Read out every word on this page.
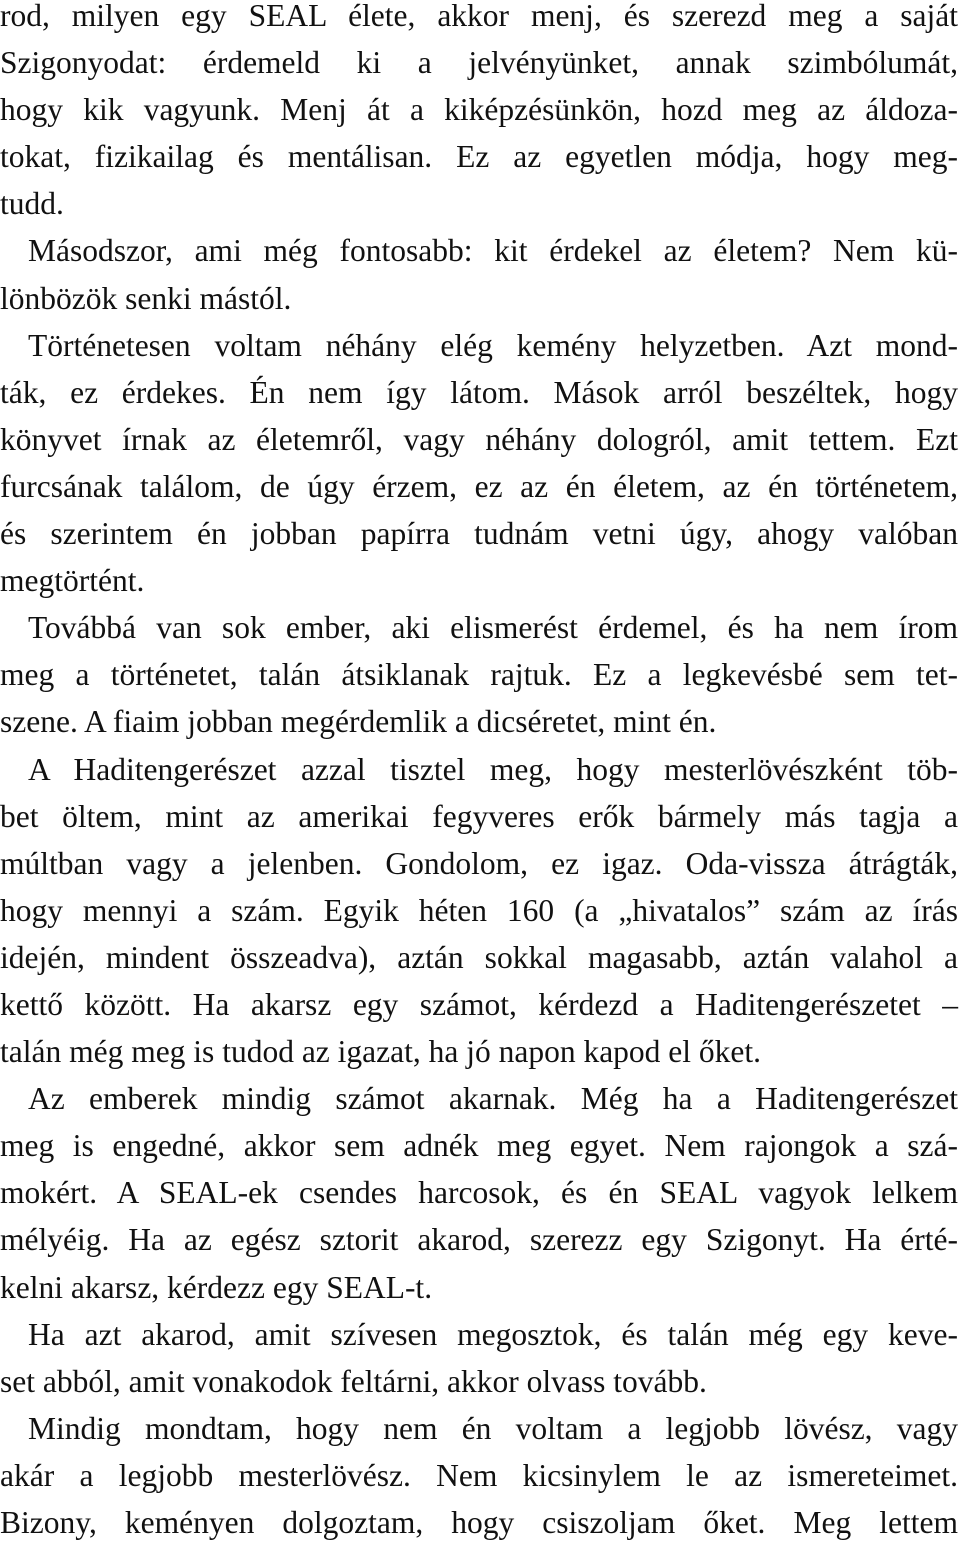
rod, milyen egy SEAL élete, akkor menj, és szerezd meg a saját
Szigonyodat: érdemeld ki a jelvényünket, annak szimbólumát,
hogy kik vagyunk. Menj át a kiképzésünkön, hozd meg az áldoza-
tokat, fizikailag és mentálisan. Ez az egyetlen módja, hogy meg-
tudd.
Másodszor, ami még fontosabb: kit érdekel az életem? Nem kü-
lönbözök senki mástól.
Történetesen voltam néhány elég kemény helyzetben. Azt mond-
ták, ez érdekes. Én nem így látom. Mások arról beszéltek, hogy
könyvet írnak az életemről, vagy néhány dologról, amit tettem. Ezt
furcsának találom, de úgy érzem, ez az én életem, az én történetem,
és szerintem én jobban papírra tudnám vetni úgy, ahogy valóban
megtörtént.
Továbbá van sok ember, aki elismerést érdemel, és ha nem írom
meg a történetet, talán átsiklanak rajtuk. Ez a legkevésbé sem tet-
szene. A fiaim jobban megérdemlik a dicséretet, mint én.
A Haditengerészet azzal tisztel meg, hogy mesterlövészként töb-
bet öltem, mint az amerikai fegyveres erők bármely más tagja a
múltban vagy a jelenben. Gondolom, ez igaz. Oda-vissza átrágták,
hogy mennyi a szám. Egyik héten 160 (a „hivatalos” szám az írás
idején, mindent összeadva), aztán sokkal magasabb, aztán valahol a
kettő között. Ha akarsz egy számot, kérdezd a Haditengerészetet –
talán még meg is tudod az igazat, ha jó napon kapod el őket.
Az emberek mindig számot akarnak. Még ha a Haditengerészet
meg is engedné, akkor sem adnék meg egyet. Nem rajongok a szá-
mokért. A SEAL-ek csendes harcosok, és én SEAL vagyok lelkem
mélyéig. Ha az egész sztorit akarod, szerezz egy Szigonyt. Ha érté-
kelni akarsz, kérdezz egy SEAL-t.
Ha azt akarod, amit szívesen megosztok, és talán még egy keve-
set abból, amit vonakodok feltárni, akkor olvass tovább.
Mindig mondtam, hogy nem én voltam a legjobb lövész, vagy
akár a legjobb mesterlövész. Nem kicsinylem le az ismereteimet.
Bizony, keményen dolgoztam, hogy csiszoljam őket. Meg lettem
